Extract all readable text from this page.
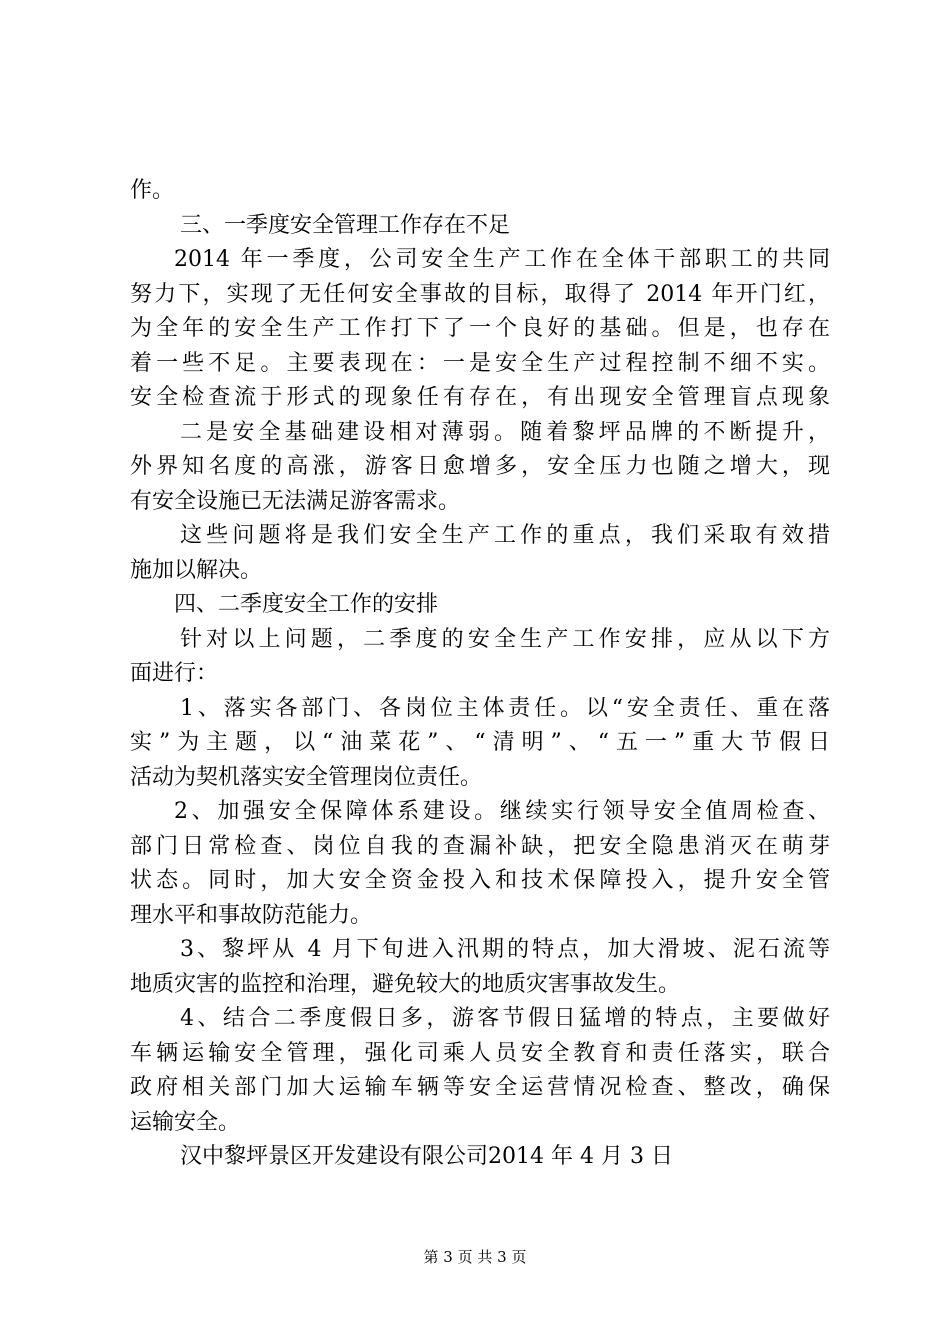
作。
三、一季度安全管理工作存在不足
2014 年一季度，公司安全生产工作在全体干部职工的共同
努力下，实现了无任何安全事故的目标，取得了 2014 年开门红，
为全年的安全生产工作打下了一个良好的基础。但是，也存在
着一些不足。主要表现在：一是安全生产过程控制不细不实。
安全检查流于形式的现象任有存在，有出现安全管理盲点现象
二是安全基础建设相对薄弱。随着黎坪品牌的不断提升，
外界知名度的高涨，游客日愈增多，安全压力也随之增大，现
有安全设施已无法满足游客需求。
这些问题将是我们安全生产工作的重点，我们采取有效措
施加以解决。
四、二季度安全工作的安排
针对以上问题，二季度的安全生产工作安排，应从以下方
面进行：
1、落实各部门、各岗位主体责任。以“安全责任、重在落
实”为主题，以“油菜花”、“清明”、“五一”重大节假日
活动为契机落实安全管理岗位责任。
2、加强安全保障体系建设。继续实行领导安全值周检查、
部门日常检查、岗位自我的查漏补缺，把安全隐患消灭在萌芽
状态。同时，加大安全资金投入和技术保障投入，提升安全管
理水平和事故防范能力。
3、黎坪从 4 月下旬进入汛期的特点，加大滑坡、泥石流等
地质灾害的监控和治理，避免较大的地质灾害事故发生。
4、结合二季度假日多，游客节假日猛增的特点，主要做好
车辆运输安全管理，强化司乘人员安全教育和责任落实，联合
政府相关部门加大运输车辆等安全运营情况检查、整改，确保
运输安全。
汉中黎坪景区开发建设有限公司2014 年 4 月 3 日
第 3 页 共 3 页
